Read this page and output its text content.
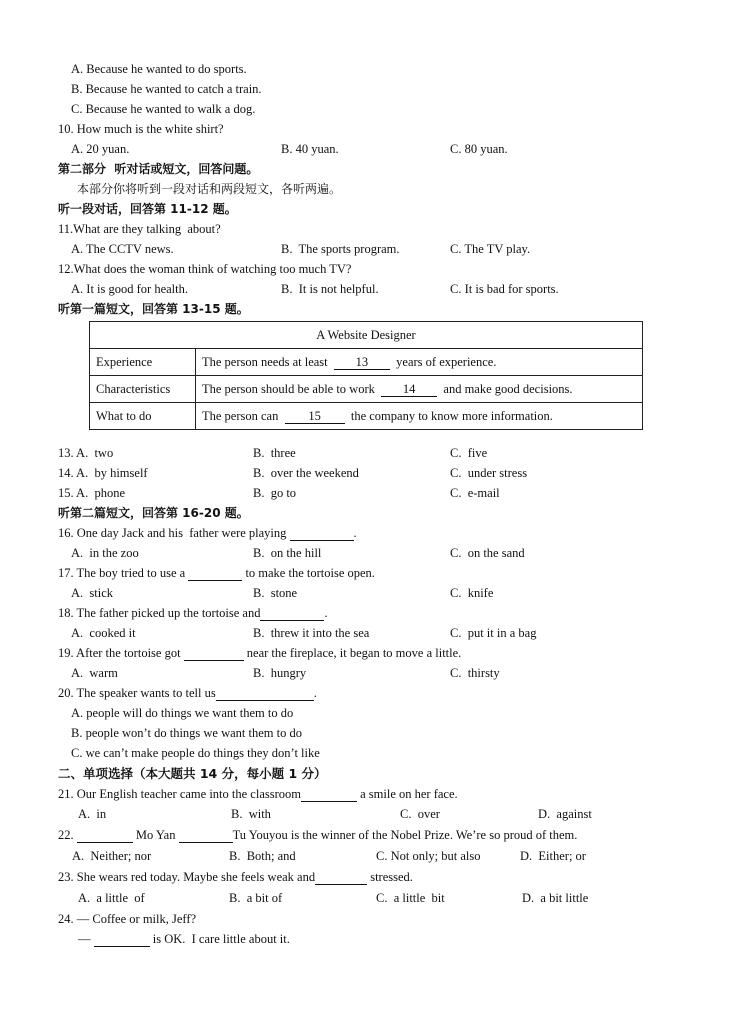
A. Because he wanted to do sports.
B. Because he wanted to catch a train.
C. Because he wanted to walk a dog.
10. How much is the white shirt?
A. 20 yuan.	B. 40 yuan.	C. 80 yuan.
第二部分  听对话或短文，回答问题。
本部分你将听到一段对话和两段短文，各听两遍。
听一段对话，回答第 11-12 题。
11.What are they talking  about?
A. The CCTV news.	B.  The sports program.	C. The TV play.
12.What does the woman think of watching too much TV?
A. It is good for health.	B.  It is not helpful.	C. It is bad for sports.
听第一篇短文，回答第 13-15 题。
A Website Designer	
Experience	The person needs at least 13 years of experience.
Characteristics	The person should be able to work 14 and make good decisions.
What to do	The person can 15 the company to know more information.
13. A.  two	B.  three	C.  five
14. A.  by himself	B.  over the weekend	C.  under stress
15. A.  phone	B.  go to	C.  e-mail
听第二篇短文，回答第 16-20 题。
16. One day Jack and his  father were playing	.
A.  in the zoo	B.  on the hill	C.  on the sand
17. The boy tried to use a	to make the tortoise open.
A.  stick	B.  stone	C.  knife
18. The father picked up the tortoise and	.
A.  cooked it	B.  threw it into the sea	C.  put it in a bag
19. After the tortoise got	near the fireplace, it began to move a little.
A.  warm	B.  hungry	C.  thirsty
20. The speaker wants to tell us	.
A. people will do things we want them to do
B. people won’t do things we want them to do
C. we can’t make people do things they don’t like
二、单项选择（本大题共 14 分，每小题 1 分）
21. Our English teacher came into the classroom	a smile on her face.
A.  in	B.  with	C.  over	D.  against
22.	Mo Yan	Tu Youyou is the winner of the Nobel Prize. We’re so proud of them.
A.  Neither; nor	B.  Both; and	C. Not only; but also	D.  Either; or
23. She wears red today. Maybe she feels weak and	stressed.
A.  a little  of	B.  a bit of	C.  a little  bit	D.  a bit little
24. — Coffee or milk, Jeff?
—	is OK.  I care little about it.
